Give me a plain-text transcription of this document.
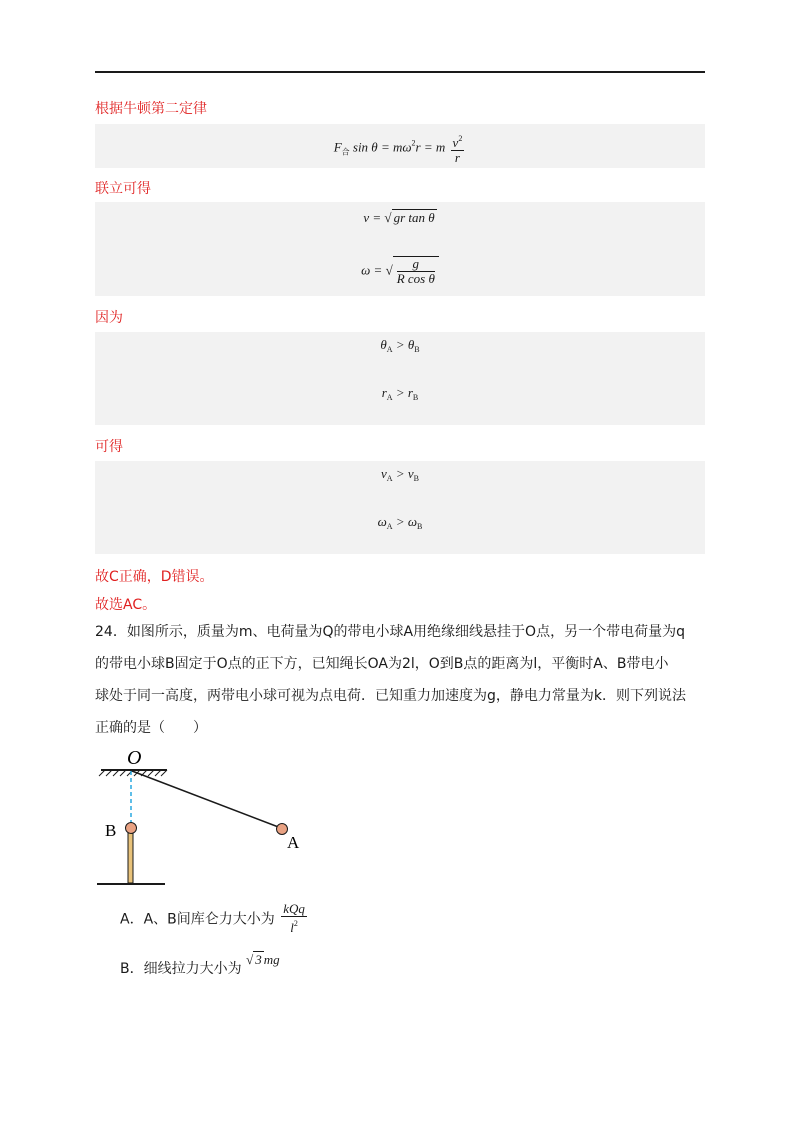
根据牛顿第二定律
$F_合$ $\sin \theta = m\omega^2r = m \frac{v^2}{r}$
联立可得
v = √ gr tan θ
ω = √ $\frac{g}{\text{R cos θ}}$
因为
$\theta_A > \theta_B$
$r_A > r_B$
可得
$v_A > v_B$
$\omega_A > \omega_B$
故C正确，D错误。
故选AC。
24．如图所示，质量为m、电荷量为Q的带电小球A用绝缘细线悬挂于O点，另一个带电荷量为q
的带电小球B固定于O点的正下方，已知绳长OA为2l，O到B点的距离为l，平衡时A、B带电小
球处于同一高度，两带电小球可视为点电荷．已知重力加速度为g，静电力常量为k．则下列说法
正确的是（　　）
O
B
A
A．A、B间库仑力大小为 $\frac{\text{kQq}}{l^2}$
B．细线拉力大小为 √ 3 mg
